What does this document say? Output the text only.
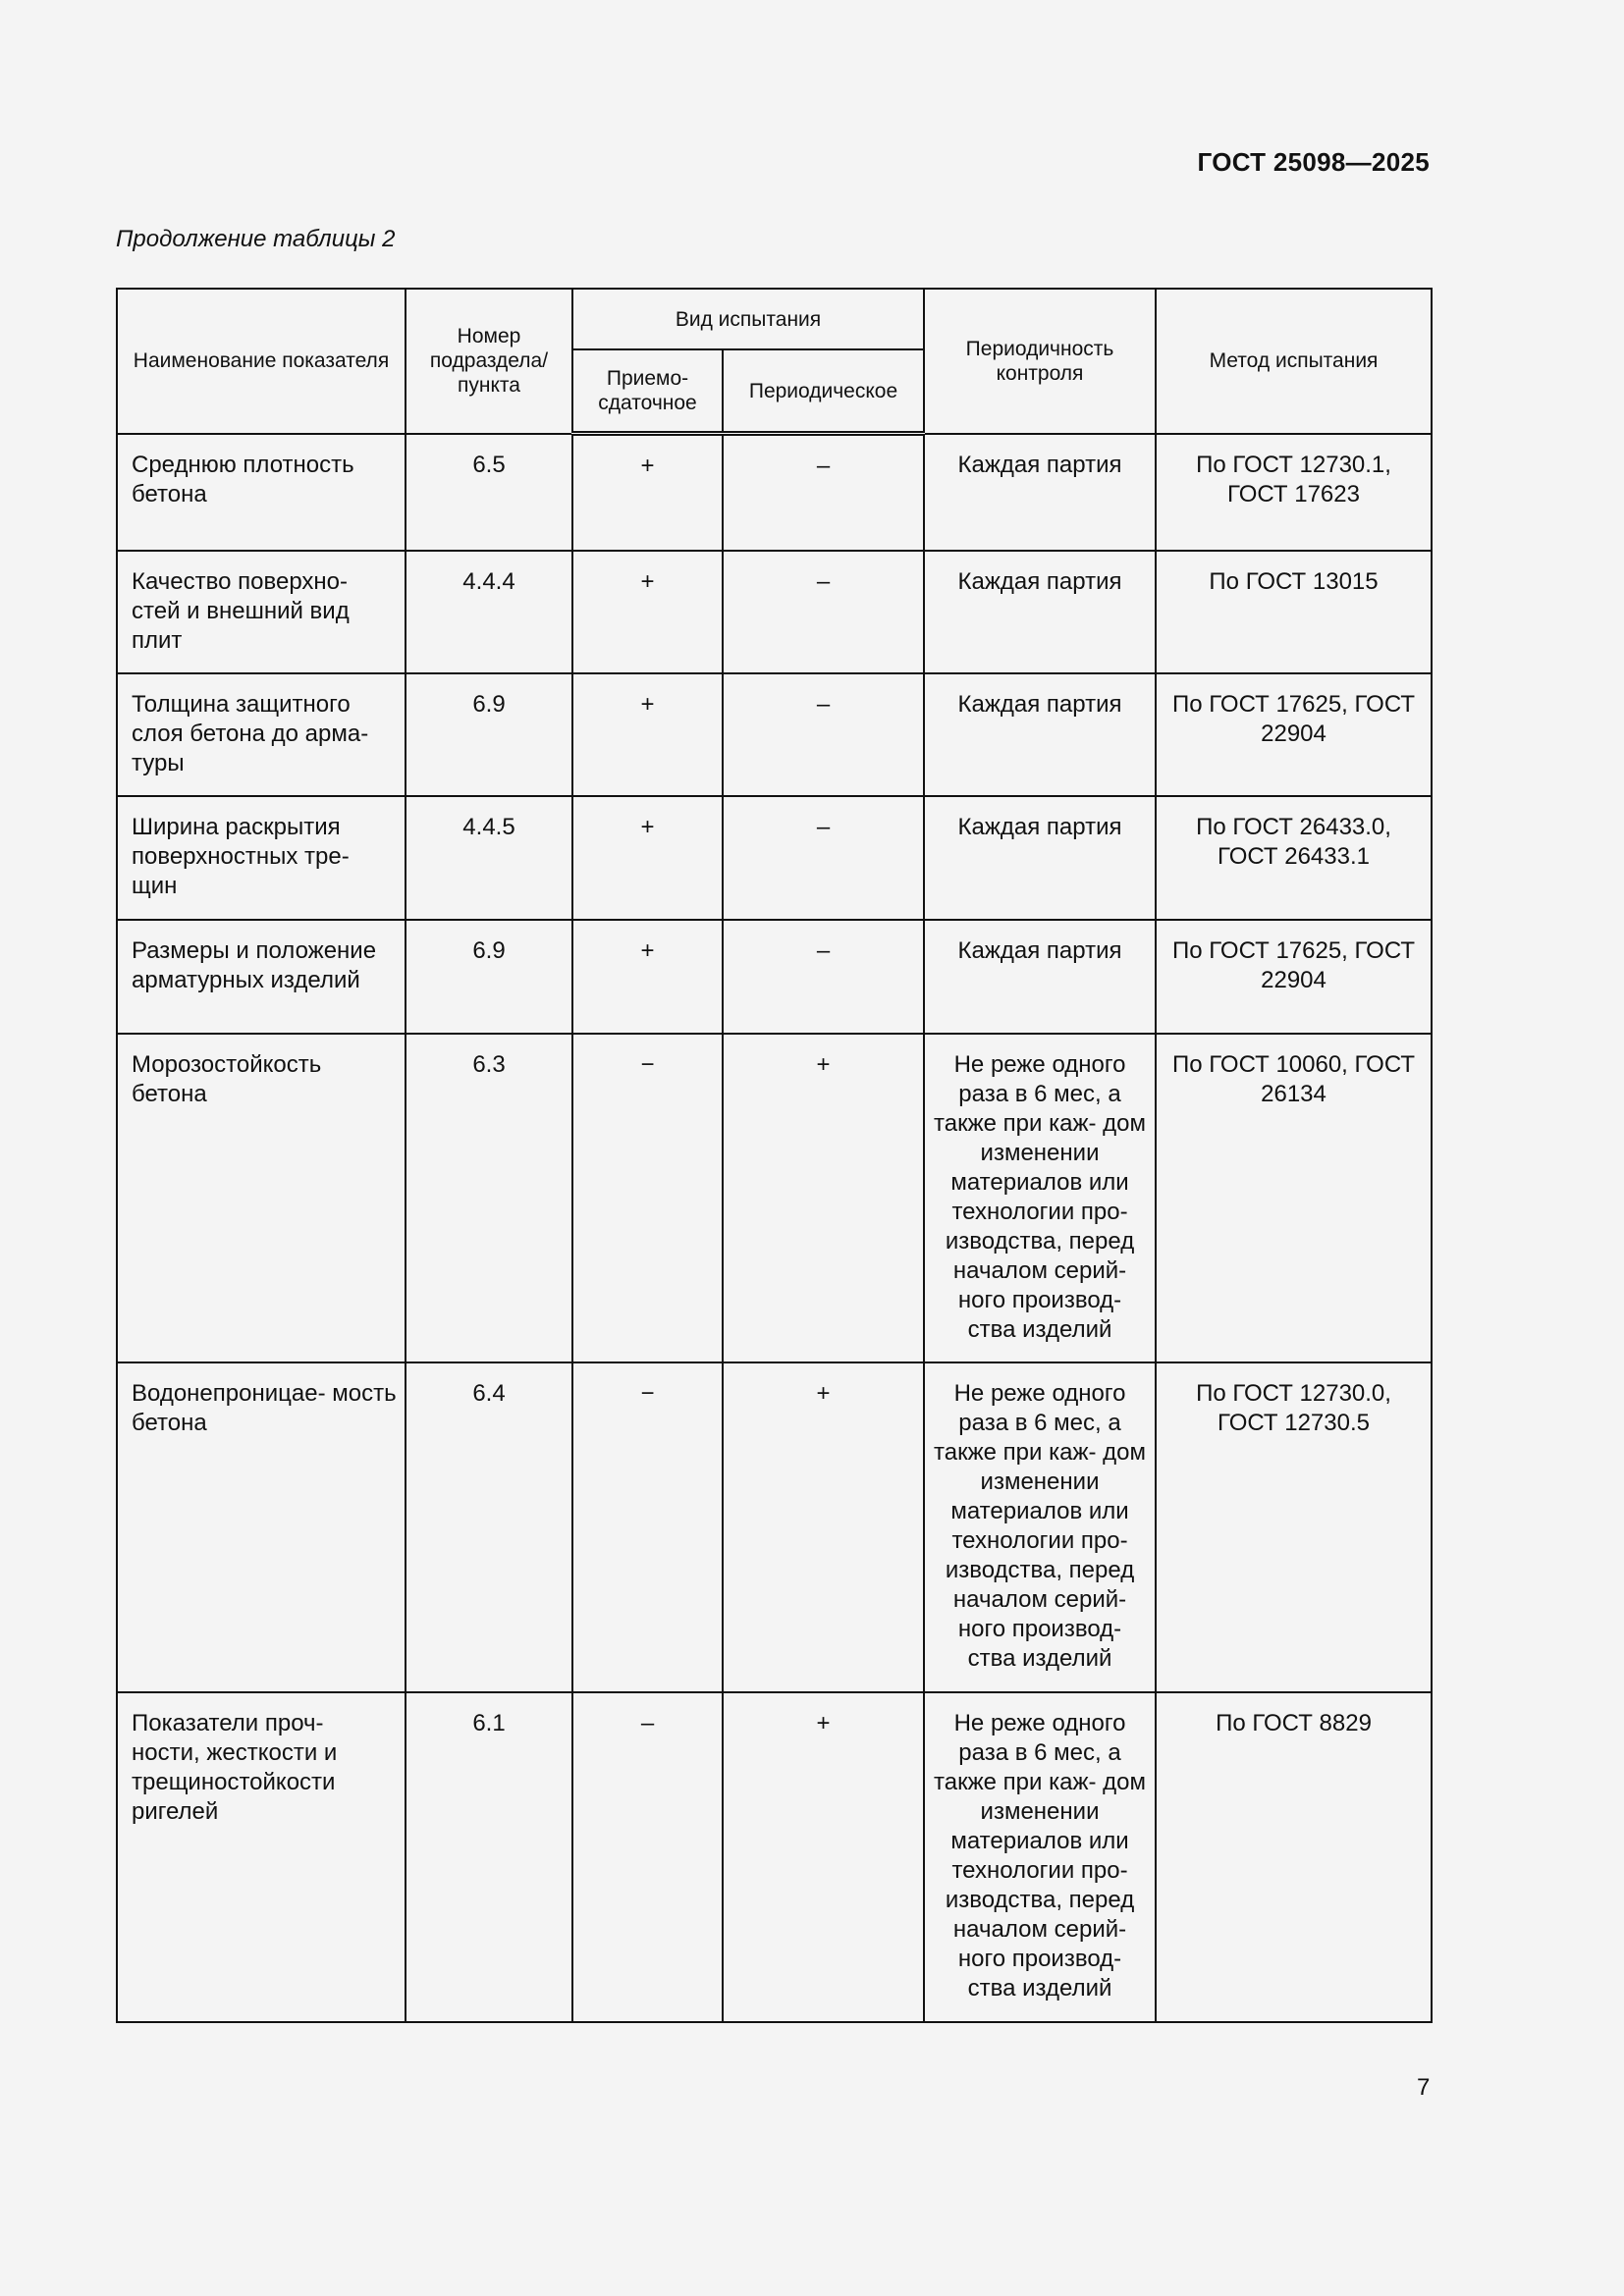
ГОСТ 25098—2025
Продолжение таблицы 2
Наименование показателя	Номер подраздела/ пункта	Вид испытания		Периодичность контроля	Метод испытания
		Приемо- сдаточное	Периодическое		
Среднюю плотность бетона	6.5	+	–	Каждая партия	По ГОСТ 12730.1, ГОСТ 17623
Качество поверхно- стей и внешний вид плит	4.4.4	+	–	Каждая партия	По ГОСТ 13015
Толщина защитного слоя бетона до арма- туры	6.9	+	–	Каждая партия	По ГОСТ 17625, ГОСТ 22904
Ширина раскрытия поверхностных тре- щин	4.4.5	+	–	Каждая партия	По ГОСТ 26433.0, ГОСТ 26433.1
Размеры и положение арматурных изделий	6.9	+	–	Каждая партия	По ГОСТ 17625, ГОСТ 22904
Морозостойкость бетона	6.3	−	+	Не реже одного раза в 6 мес, а также при каж- дом изменении материалов или технологии про- изводства, перед началом серий- ного производ- ства изделий	По ГОСТ 10060, ГОСТ 26134
Водонепроницае- мость бетона	6.4	−	+	Не реже одного раза в 6 мес, а также при каж- дом изменении материалов или технологии про- изводства, перед началом серий- ного производ- ства изделий	По ГОСТ 12730.0, ГОСТ 12730.5
Показатели проч- ности, жесткости и трещиностойкости ригелей	6.1	–	+	Не реже одного раза в 6 мес, а также при каж- дом изменении материалов или технологии про- изводства, перед началом серий- ного производ- ства изделий	По ГОСТ 8829
7
